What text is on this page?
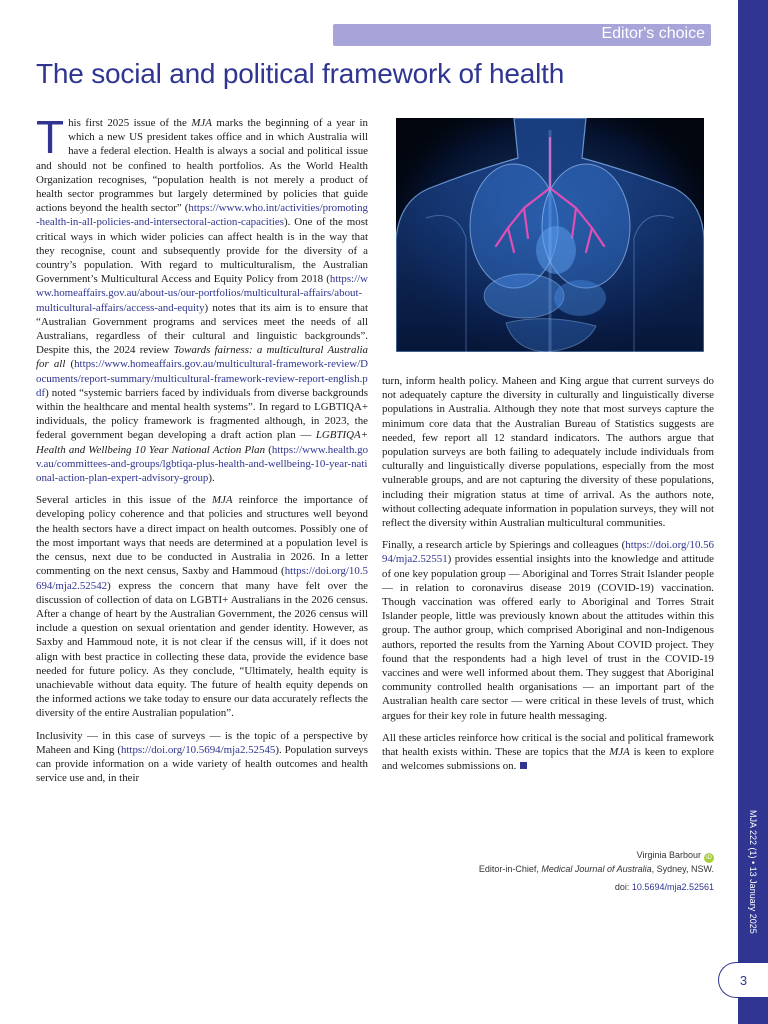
MJA 222 (1) • 13 January 2025
3
Editor's choice
The social and political framework of health

This first 2025 issue of the MJA marks the beginning of a year in which a new US president takes office and in which Australia will have a federal election. Health is always a social and political issue and should not be confined to health portfolios. As the World Health Organization recognises, “population health is not merely a product of health sector programmes but largely determined by policies that guide actions beyond the health sector” (https://www.who.int/activities/promoting-health-in-all-policies-and-intersectoral-action-capacities). One of the most critical ways in which wider policies can affect health is in the way that they recognise, count and subsequently provide for the diversity of a country’s population. With regard to multiculturalism, the Australian Government’s Multicultural Access and Equity Policy from 2018 (https://www.homeaffairs.gov.au/about-us/our-portfolios/multicultural-affairs/about-multicultural-affairs/access-and-equity) notes that its aim is to ensure that “Australian Government programs and services meet the needs of all Australians, regardless of their cultural and linguistic backgrounds”. Despite this, the 2024 review Towards fairness: a multicultural Australia for all (https://www.homeaffairs.gov.au/multicultural-framework-review/Documents/report-summary/multicultural-framework-review-report-english.pdf) noted “systemic barriers faced by individuals from diverse backgrounds within the healthcare and mental health systems”. In regard to LGBTIQA+ individuals, the policy framework is fragmented although, in 2023, the federal government began developing a draft action plan — LGBTIQA+ Health and Wellbeing 10 Year National Action Plan (https://www.health.gov.au/committees-and-groups/lgbtiqa-plus-health-and-wellbeing-10-year-national-action-plan-expert-advisory-group).

Several articles in this issue of the MJA reinforce the importance of developing policy coherence and that policies and structures well beyond the health sectors have a direct impact on health outcomes. Possibly one of the most important ways that needs are determined at a population level is the census, next due to be conducted in Australia in 2026. In a letter commenting on the next census, Saxby and Hammoud (https://doi.org/10.5694/mja2.52542) express the concern that many have felt over the discussion of collection of data on LGBTI+ Australians in the 2026 census. After a change of heart by the Australian Government, the 2026 census will include a question on sexual orientation and gender identity. However, as Saxby and Hammoud note, it is not clear if the census will, if it does not align with best practice in collecting these data, provide the evidence base needed for future policy. As they conclude, “Ultimately, health equity is unachievable without data equity. The future of health equity depends on the informed actions we take today to ensure our data accurately reflects the diversity of the entire Australian population”.

Inclusivity — in this case of surveys — is the topic of a perspective by Maheen and King (https://doi.org/10.5694/mja2.52545). Population surveys can provide information on a wide variety of health outcomes and health service use and, in their

turn, inform health policy. Maheen and King argue that current surveys do not adequately capture the diversity in culturally and linguistically diverse populations in Australia. Although they note that most surveys capture the minimum core data that the Australian Bureau of Statistics suggests are needed, few report all 12 standard indicators. The authors argue that population surveys are both failing to adequately include individuals from culturally and linguistically diverse populations, especially from the most vulnerable groups, and are not capturing the diversity of these populations, including their migration status at time of arrival. As the authors note, without collecting adequate information in population surveys, they will not reflect the diversity within Australian multicultural communities.

Finally, a research article by Spierings and colleagues (https://doi.org/10.5694/mja2.52551) provides essential insights into the knowledge and attitude of one key population group — Aboriginal and Torres Strait Islander people — in relation to coronavirus disease 2019 (COVID-19) vaccination. Though vaccination was offered early to Aboriginal and Torres Strait Islander people, little was previously known about the attitudes within this group. The author group, which comprised Aboriginal and non-Indigenous authors, reported the results from the Yarning About COVID project. They found that the respondents had a high level of trust in the COVID-19 vaccines and were well informed about them. They suggest that Aboriginal community controlled health organisations — an important part of the Australian health care sector — were critical in these levels of trust, which argues for their key role in future health messaging.

All these articles reinforce how critical is the social and political framework that health exists within. These are topics that the MJA is keen to explore and welcomes submissions on.

Virginia Barbour iD
Editor-in-Chief, Medical Journal of Australia, Sydney, NSW.
doi: 10.5694/mja2.52561
